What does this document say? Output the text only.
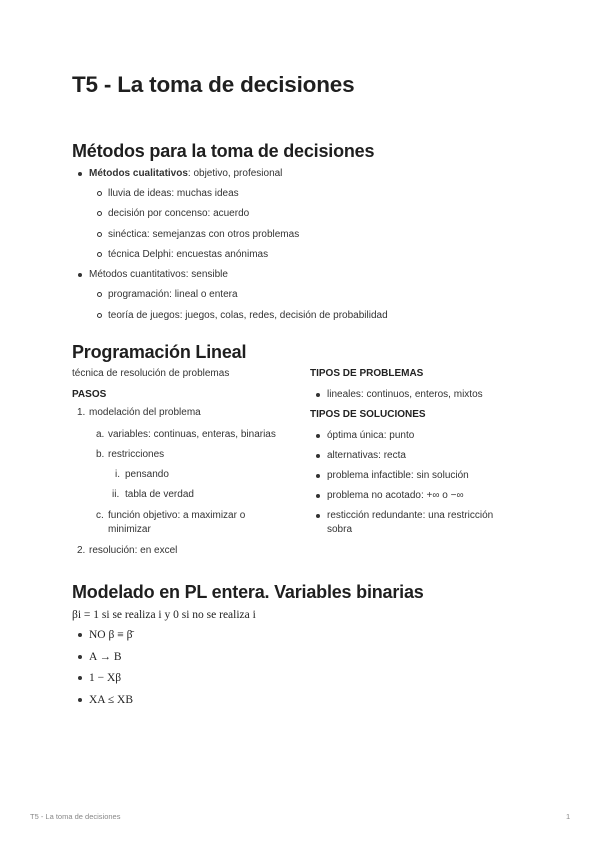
T5 - La toma de decisiones
Métodos para la toma de decisiones
Métodos cualitativos: objetivo, profesional
lluvia de ideas: muchas ideas
decisión por concenso: acuerdo
sinéctica: semejanzas con otros problemas
técnica Delphi: encuestas anónimas
Métodos cuantitativos: sensible
programación: lineal o entera
teoría de juegos: juegos, colas, redes, decisión de probabilidad
Programación Lineal
técnica de resolución de problemas
PASOS
1. modelación del problema
a. variables: continuas, enteras, binarias
b. restricciones
i. pensando
ii. tabla de verdad
c. función objetivo: a maximizar o
minimizar
2. resolución: en excel
TIPOS DE PROBLEMAS
lineales: continuos, enteros, mixtos
TIPOS DE SOLUCIONES
óptima única: punto
alternativas: recta
problema infactible: sin solución
problema no acotado: +∞ o −∞
resticción redundante: una restricción
sobra
Modelado en PL entera. Variables binarias
βi = 1 si se realiza i y 0 si no se realiza i
NO β ≡ β̄
A → B
1 − Xβ
XA ≤ XB
T5 - La toma de decisiones	1
